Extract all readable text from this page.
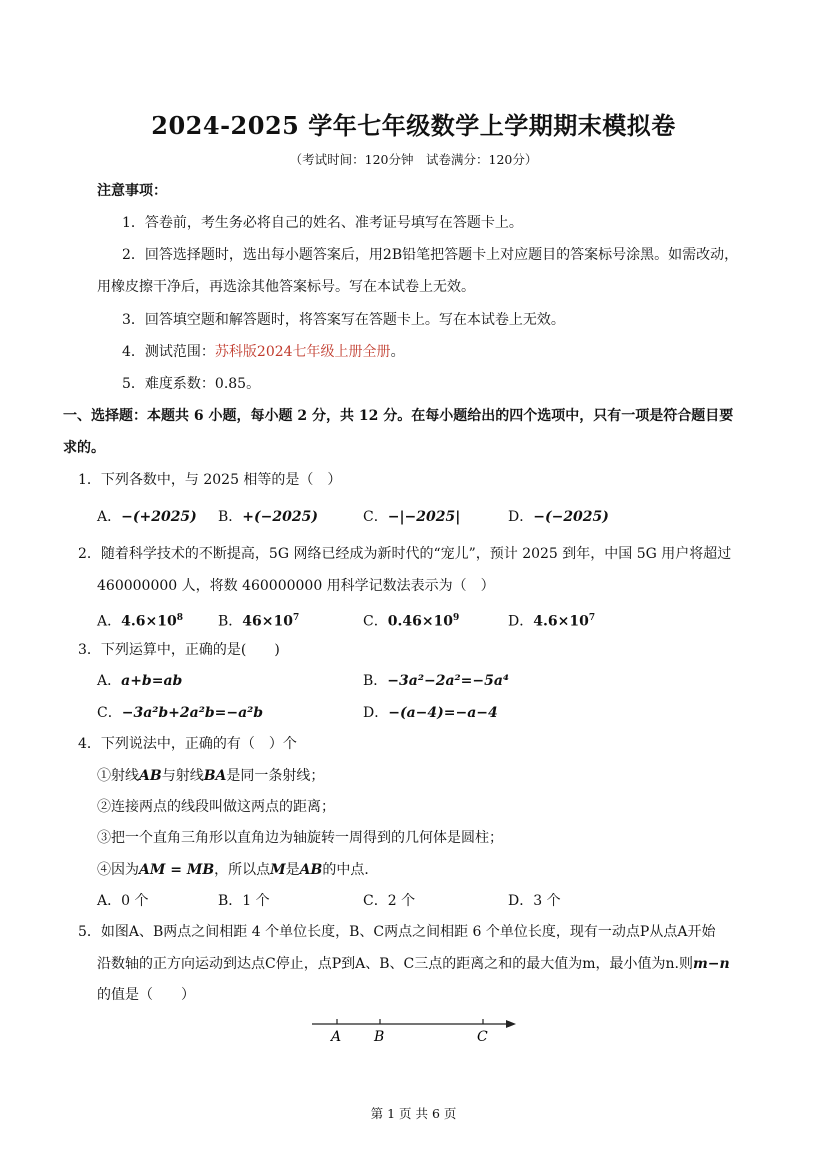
2024-2025 学年七年级数学上学期期末模拟卷
（考试时间：120分钟　试卷满分：120分）
注意事项：
1．答卷前，考生务必将自己的姓名、准考证号填写在答题卡上。
2．回答选择题时，选出每小题答案后，用2B铅笔把答题卡上对应题目的答案标号涂黑。如需改动，
用橡皮擦干净后，再选涂其他答案标号。写在本试卷上无效。
3．回答填空题和解答题时，将答案写在答题卡上。写在本试卷上无效。
4．测试范围：苏科版2024七年级上册全册。
5．难度系数：0.85。
一、选择题：本题共 6 小题，每小题 2 分，共 12 分。在每小题给出的四个选项中，只有一项是符合题目要
求的。
1．下列各数中，与 2025 相等的是（　）
A．−(+2025) B．+(−2025)	C．−|−2025|	D．−(−2025)
2．随着科学技术的不断提高，5G 网络已经成为新时代的“宠儿”，预计 2025 到年，中国 5G 用户将超过
460000000 人，将数 460000000 用科学记数法表示为（　）
A．$4.6\times 10^8$	B．$46\times 10^7$	C．$0.46\times 10^9$	D．$4.6\times 10^7$
3．下列运算中，正确的是(　　)
A．a+b=ab	B．−3a²−2a²=−5a⁴
C．−3a²b+2a²b=−a²b	D．−(a−4)=−a−4
4．下列说法中，正确的有（　）个
①射线AB与射线BA是同一条射线；
②连接两点的线段叫做这两点的距离；
③把一个直角三角形以直角边为轴旋转一周得到的几何体是圆柱；
④因为AM = MB，所以点M是AB的中点．
A．0 个	B．1 个	C．2 个	D．3 个
5．如图A、B两点之间相距 4 个单位长度，B、C两点之间相距 6 个单位长度，现有一动点P从点A开始
沿数轴的正方向运动到达点C停止，点P到A、B、C三点的距离之和的最大值为m，最小值为n.则m−n
的值是（　　）
A B	C
第 1 页 共 6 页
